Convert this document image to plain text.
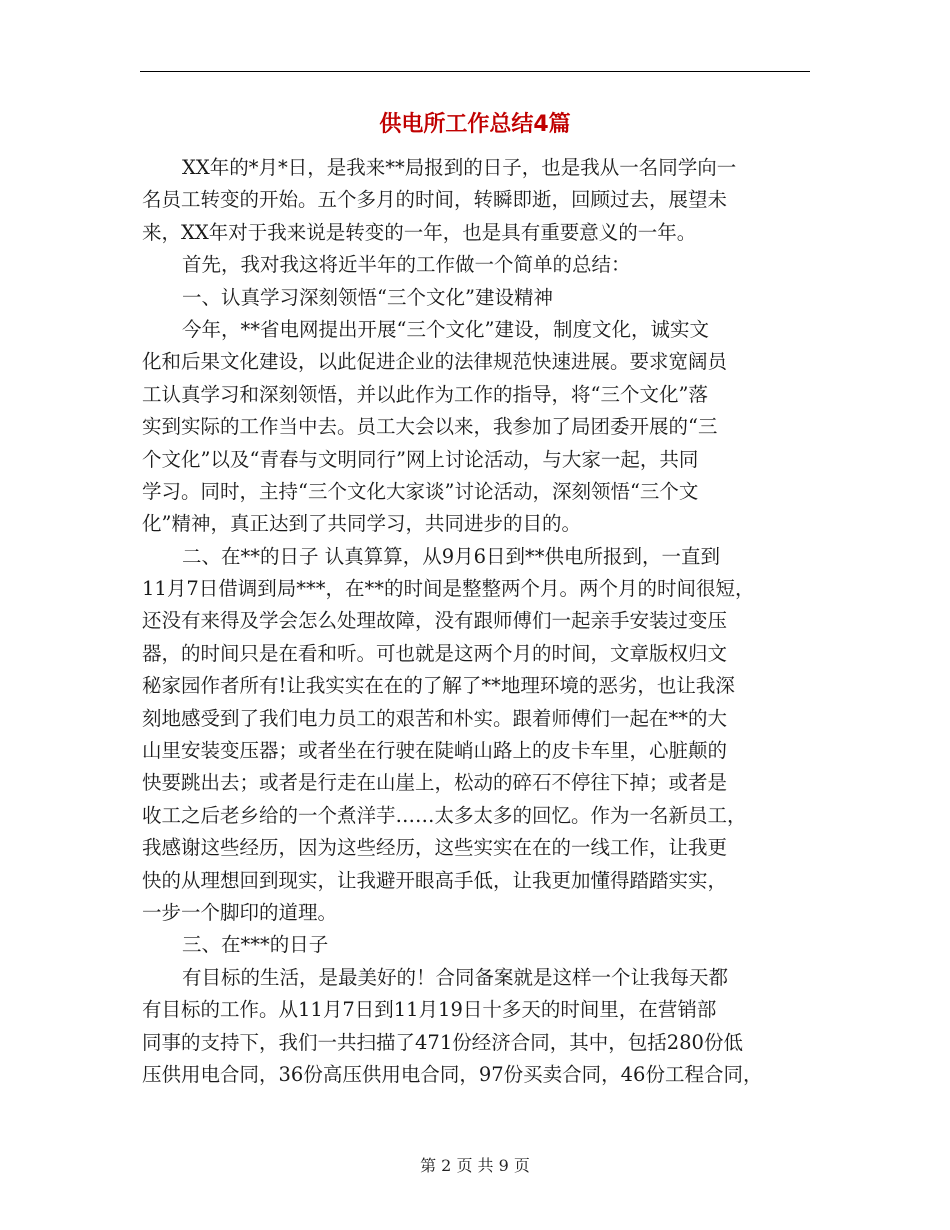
供电所工作总结4篇
XX年的*月*日，是我来**局报到的日子，也是我从一名同学向一
名员工转变的开始。五个多月的时间，转瞬即逝，回顾过去，展望未
来，XX年对于我来说是转变的一年，也是具有重要意义的一年。
首先，我对我这将近半年的工作做一个简单的总结：
一、认真学习深刻领悟“三个文化”建设精神
今年，**省电网提出开展“三个文化”建设，制度文化，诚实文
化和后果文化建设，以此促进企业的法律规范快速进展。要求宽阔员
工认真学习和深刻领悟，并以此作为工作的指导，将“三个文化”落
实到实际的工作当中去。员工大会以来，我参加了局团委开展的“三
个文化”以及“青春与文明同行”网上讨论活动，与大家一起，共同
学习。同时，主持“三个文化大家谈”讨论活动，深刻领悟“三个文
化”精神，真正达到了共同学习，共同进步的目的。
二、在**的日子 认真算算，从9月6日到**供电所报到，一直到
11月7日借调到局***，在**的时间是整整两个月。两个月的时间很短，
还没有来得及学会怎么处理故障，没有跟师傅们一起亲手安装过变压
器，的时间只是在看和听。可也就是这两个月的时间，文章版权归文
秘家园作者所有!让我实实在在的了解了**地理环境的恶劣，也让我深
刻地感受到了我们电力员工的艰苦和朴实。跟着师傅们一起在**的大
山里安装变压器；或者坐在行驶在陡峭山路上的皮卡车里，心脏颠的
快要跳出去；或者是行走在山崖上，松动的碎石不停往下掉；或者是
收工之后老乡给的一个煮洋芋……太多太多的回忆。作为一名新员工，
我感谢这些经历，因为这些经历，这些实实在在的一线工作，让我更
快的从理想回到现实，让我避开眼高手低，让我更加懂得踏踏实实，
一步一个脚印的道理。
三、在***的日子
有目标的生活，是最美好的！合同备案就是这样一个让我每天都
有目标的工作。从11月7日到11月19日十多天的时间里，在营销部
同事的支持下，我们一共扫描了471份经济合同，其中，包括280份低
压供用电合同，36份高压供用电合同，97份买卖合同，46份工程合同，
第 2 页 共 9 页
